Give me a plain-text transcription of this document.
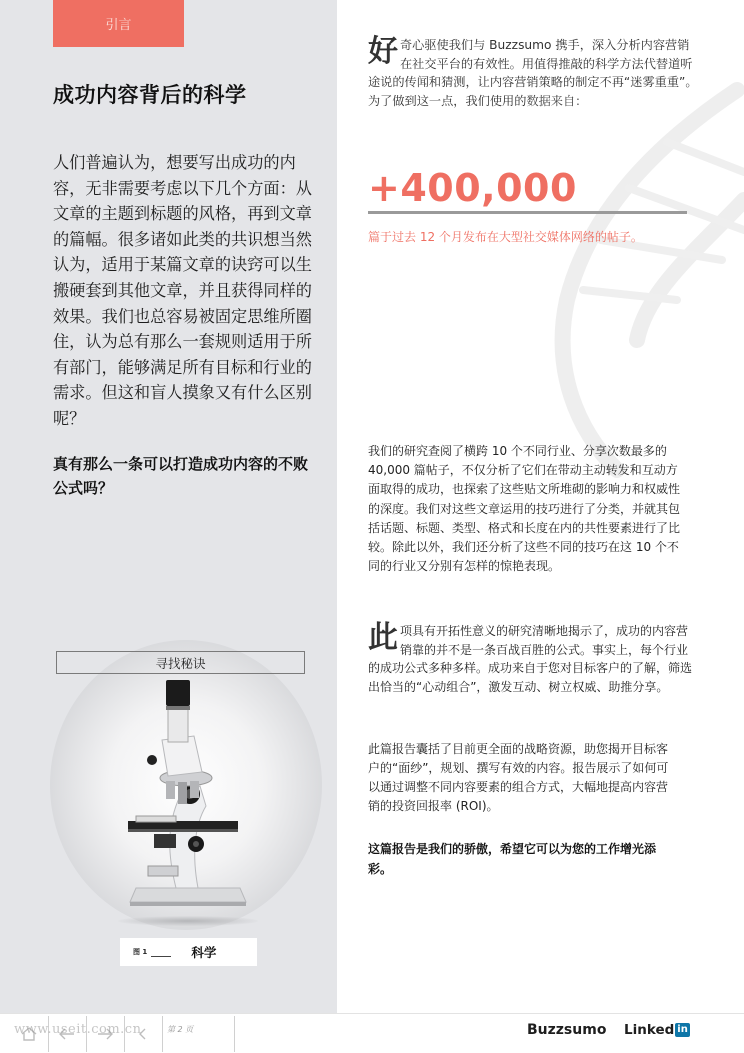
引言
成功内容背后的科学
人们普遍认为，想要写出成功的内容，无非需要考虑以下几个方面：从文章的主题到标题的风格，再到文章的篇幅。很多诸如此类的共识想当然认为，适用于某篇文章的诀窍可以生搬硬套到其他文章，并且获得同样的效果。我们也总容易被固定思维所圈住，认为总有那么一套规则适用于所有部门，能够满足所有目标和行业的需求。但这和盲人摸象又有什么区别呢？
真有那么一条可以打造成功内容的不败公式吗？
寻找秘诀
图 1	科学
好奇心驱使我们与 Buzzsumo 携手，深入分析内容营销在社交平台的有效性。用值得推敲的科学方法代替道听途说的传闻和猜测，让内容营销策略的制定不再“迷雾重重”。为了做到这一点，我们使用的数据来自：
+400,000
篇于过去 12 个月发布在大型社交媒体网络的帖子。
我们的研究查阅了横跨 10 个不同行业、分享次数最多的 40,000 篇帖子，不仅分析了它们在带动主动转发和互动方面取得的成功，也探索了这些贴文所堆砌的影响力和权威性的深度。我们对这些文章运用的技巧进行了分类，并就其包括话题、标题、类型、格式和长度在内的共性要素进行了比较。除此以外，我们还分析了这些不同的技巧在这 10 个不同的行业又分别有怎样的惊艳表现。
此项具有开拓性意义的研究清晰地揭示了，成功的内容营销靠的并不是一条百战百胜的公式。事实上，每个行业的成功公式多种多样。成功来自于您对目标客户的了解，筛选出恰当的“心动组合”，激发互动、树立权威、助推分享。
此篇报告囊括了目前更全面的战略资源，助您揭开目标客户的“面纱”，规划、撰写有效的内容。报告展示了如何可以通过调整不同内容要素的组合方式，大幅地提高内容营销的投资回报率 (ROI)。
这篇报告是我们的骄傲，希望它可以为您的工作增光添彩。
第 2 页
www.useit.com.cn	Buzzsumo Linked in
